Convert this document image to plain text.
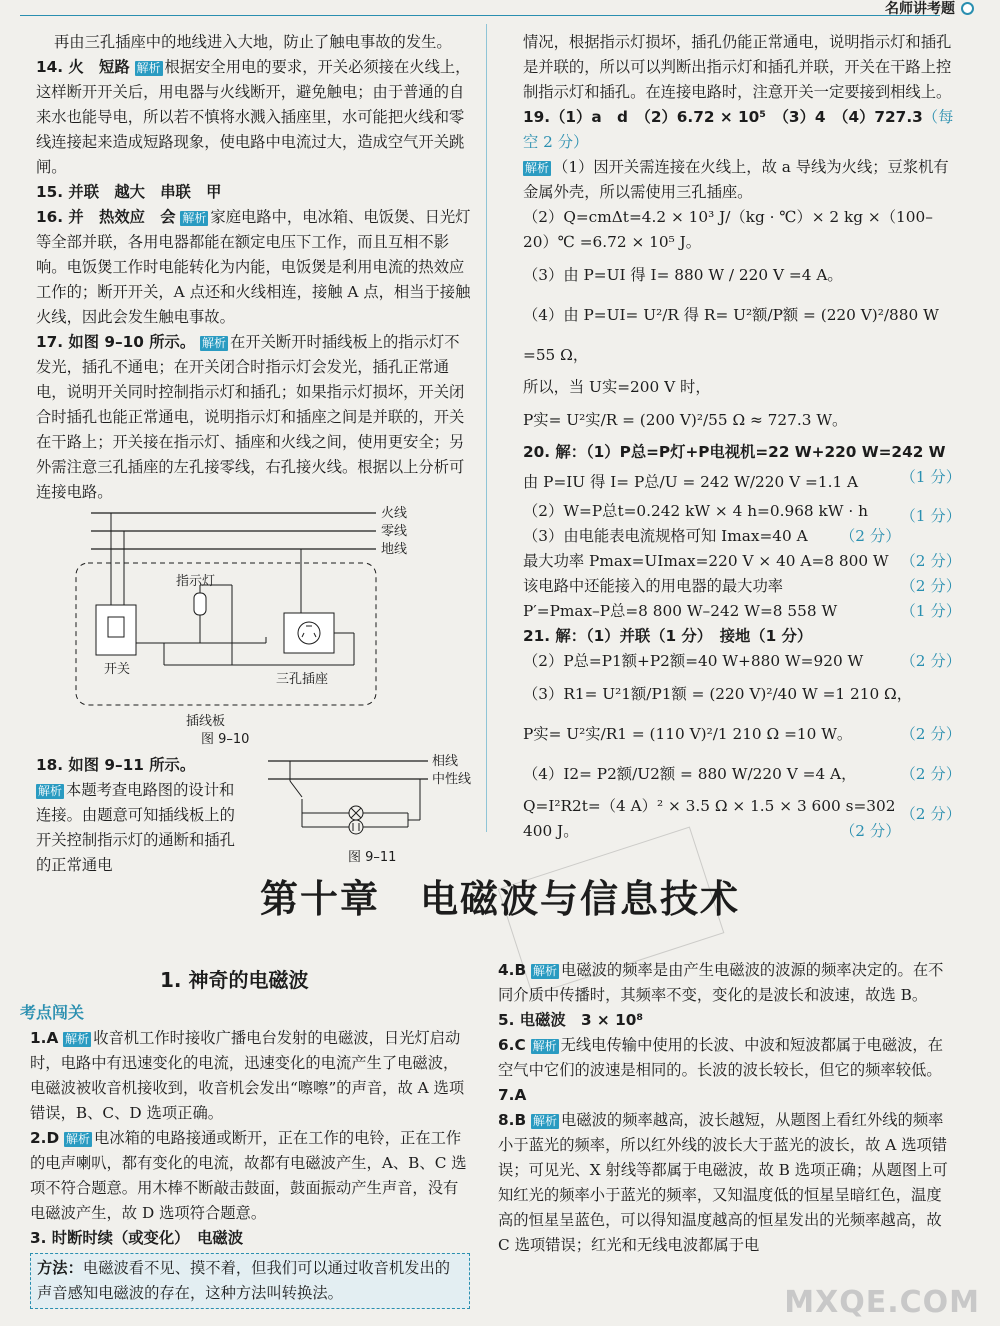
名师讲考题

再由三孔插座中的地线进入大地，防止了触电事故的发生。

14. 火　短路 解析 根据安全用电的要求，开关必须接在火线上，这样断开开关后，用电器与火线断开，避免触电；由于普通的自来水也能导电，所以若不慎将水溅入插座里，水可能把火线和零线连接起来造成短路现象，使电路中电流过大，造成空气开关跳闸。

15. 并联　越大　串联　甲

16. 并　热效应　会 解析 家庭电路中，电冰箱、电饭煲、日光灯等全部并联，各用电器都能在额定电压下工作，而且互相不影响。电饭煲工作时电能转化为内能，电饭煲是利用电流的热效应工作的；断开开关，A 点还和火线相连，接触 A 点，相当于接触火线，因此会发生触电事故。

17. 如图 9–10 所示。 解析 在开关断开时插线板上的指示灯不发光，插孔不通电；在开关闭合时指示灯会发光，插孔正常通电，说明开关同时控制指示灯和插孔；如果指示灯损坏，开关闭合时插孔也能正常通电，说明指示灯和插座之间是并联的，开关在干路上；开关接在指示灯、插座和火线之间，使用更安全；另外需注意三孔插座的左孔接零线，右孔接火线。根据以上分析可连接电路。

火线
零线
地线
开关
指示灯
三孔插座
插线板
图 9–10
18. 如图 9–11 所示。
解析 本题考查电路图的设计和连接。由题意可知插线板上的开关控制指示灯的通断和插孔的正常通电
相线
中性线
图 9–11

情况，根据指示灯损坏，插孔仍能正常通电，说明指示灯和插孔是并联的，所以可以判断出指示灯和插孔并联，开关在干路上控制指示灯和插孔。在连接电路时，注意开关一定要接到相线上。

19.（1）a　d　（2）6.72 × 10⁵　（3）4　（4）727.3（每空 2 分）

解析 （1）因开关需连接在火线上，故 a 导线为火线；豆浆机有金属外壳，所以需使用三孔插座。

（2）Q=cmΔt=4.2 × 10³ J/（kg · ℃）× 2 kg ×（100–20）℃ =6.72 × 10⁵ J。

（3）由 P=UI 得 I= 880 W / 220 V =4 A。

（4）由 P=UI= U²/R 得 R= U²额/P额 = (220 V)²/880 W =55 Ω，

所以，当 U实=200 V 时，

P实= U²实/R = (200 V)²/55 Ω ≈ 727.3 W。

20. 解：（1）P总=P灯+P电视机=22 W+220 W=242 W
（1 分）

由 P=IU 得 I= P总/U = 242 W/220 V =1.1 A
（1 分）

（2）W=P总t=0.242 kW × 4 h=0.968 kW · h
（2 分）

（3）由电能表电流规格可知 Imax=40 A
（2 分）

最大功率 Pmax=UImax=220 V × 40 A=8 800 W
（2 分）

该电路中还能接入的用电器的最大功率

P′=Pmax–P总=8 800 W–242 W=8 558 W	（1 分）

21. 解：（1）并联（1 分）　接地（1 分）

（2）P总=P1额+P2额=40 W+880 W=920 W （2 分）

（3）R1= U²1额/P1额 = (220 V)²/40 W =1 210 Ω，
（2 分）

P实= U²实/R1 = (110 V)²/1 210 Ω =10 W。
（2 分）

（4）I2= P2额/U2额 = 880 W/220 V =4 A，
（2 分）

Q=I²R2t=（4 A）² × 3.5 Ω × 1.5 × 3 600 s=302 400 J。	（2 分）

第十章　电磁波与信息技术
1. 神奇的电磁波
考点闯关

1.A 解析 收音机工作时接收广播电台发射的电磁波，日光灯启动时，电路中有迅速变化的电流，迅速变化的电流产生了电磁波，电磁波被收音机接收到，收音机会发出“嚓嚓”的声音，故 A 选项错误，B、C、D 选项正确。

2.D 解析 电冰箱的电路接通或断开，正在工作的电铃，正在工作的电声喇叭，都有变化的电流，故都有电磁波产生，A、B、C 选项不符合题意。用木棒不断敲击鼓面，鼓面振动产生声音，没有电磁波产生，故 D 选项符合题意。

3. 时断时续（或变化）　电磁波

方法：电磁波看不见、摸不着，但我们可以通过收音机发出的声音感知电磁波的存在，这种方法叫转换法。

4.B 解析 电磁波的频率是由产生电磁波的波源的频率决定的。在不同介质中传播时，其频率不变，变化的是波长和波速，故选 B。

5. 电磁波　3 × 10⁸

6.C 解析 无线电传输中使用的长波、中波和短波都属于电磁波，在空气中它们的波速是相同的。长波的波长较长，但它的频率较低。

7.A

8.B 解析 电磁波的频率越高，波长越短，从题图上看红外线的频率小于蓝光的频率，所以红外线的波长大于蓝光的波长，故 A 选项错误；可见光、X 射线等都属于电磁波，故 B 选项正确；从题图上可知红光的频率小于蓝光的频率，又知温度低的恒星呈暗红色，温度高的恒星呈蓝色，可以得知温度越高的恒星发出的光频率越高，故 C 选项错误；红光和无线电波都属于电

MXQE.COM
